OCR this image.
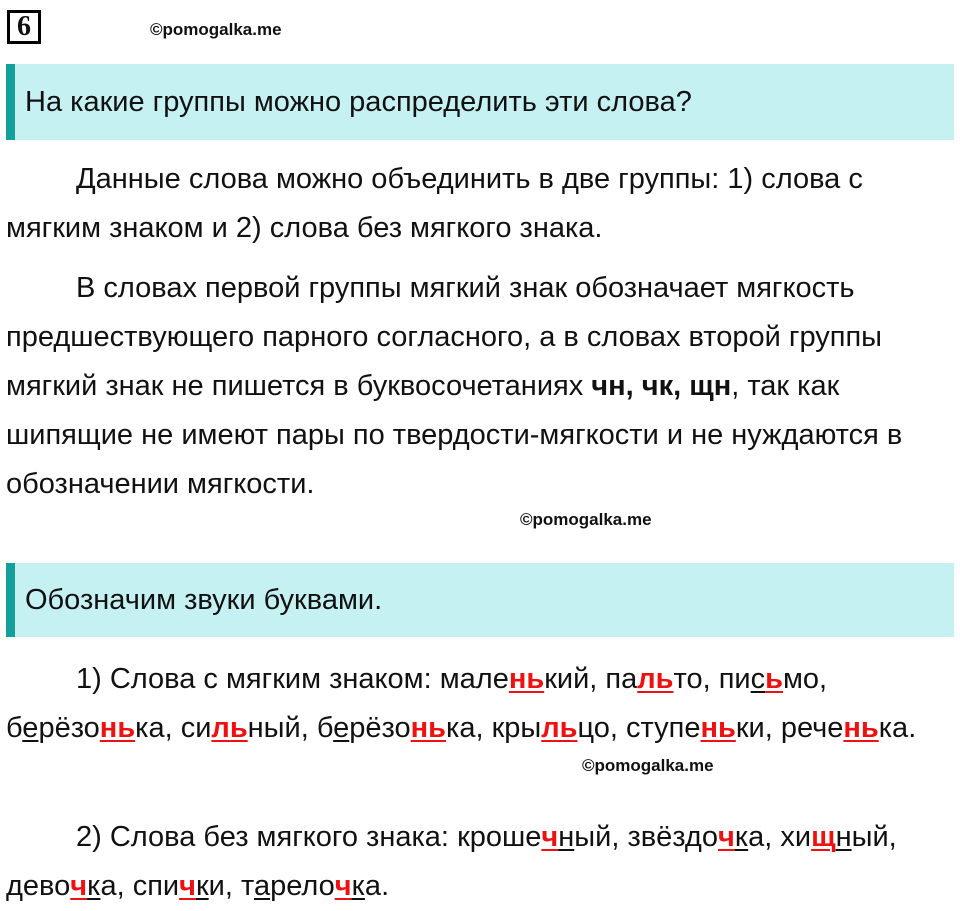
6	©pomogalka.me
На какие группы можно распределить эти слова?

Данные слова можно объединить в две группы: 1) слова с мягким знаком и 2) слова без мягкого знака.

В словах первой группы мягкий знак обозначает мягкость предшествующего парного согласного, а в словах второй группы мягкий знак не пишется в буквосочетаниях чн, чк, щн, так как шипящие не имеют пары по твердости-мягкости и не нуждаются в обозначении мягкости.

©pomogalka.me
Обозначим звуки буквами.

1) Слова с мягким знаком: маленький, пальто, письмо, берёзонька, сильный, берёзонька, крыльцо, ступеньки, реченька.

©pomogalka.me

2) Слова без мягкого знака: крошечный, звёздочка, хищный, девочка, спички, тарелочка.
